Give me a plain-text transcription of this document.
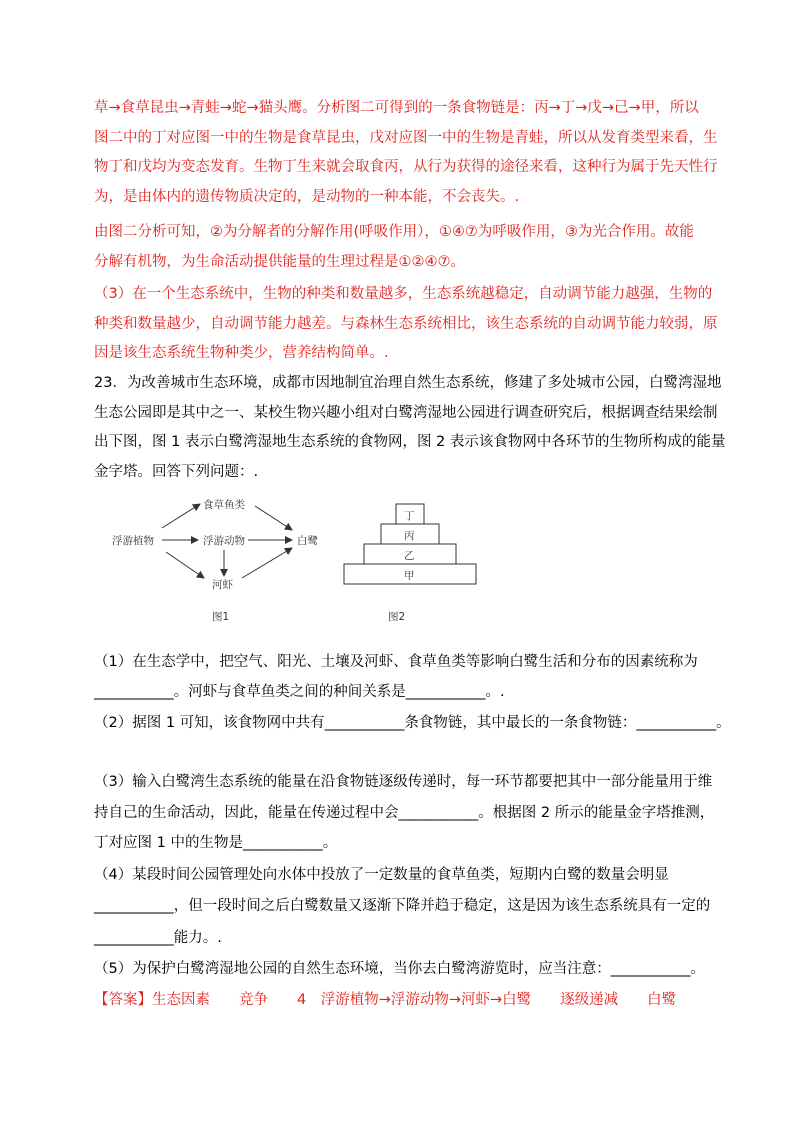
草→食草昆虫→青蛙→蛇→猫头鹰。分析图二可得到的一条食物链是：丙→丁→戊→己→甲，所以
图二中的丁对应图一中的生物是食草昆虫，戊对应图一中的生物是青蛙，所以从发育类型来看，生
物丁和戊均为变态发育。生物丁生来就会取食丙，从行为获得的途径来看，这种行为属于先天性行
为，是由体内的遗传物质决定的，是动物的一种本能，不会丧失。.
由图二分析可知，②为分解者的分解作用(呼吸作用），①④⑦为呼吸作用，③为光合作用。故能
分解有机物，为生命活动提供能量的生理过程是①②④⑦。
（3）在一个生态系统中，生物的种类和数量越多，生态系统越稳定，自动调节能力越强，生物的
种类和数量越少，自动调节能力越差。与森林生态系统相比，该生态系统的自动调节能力较弱，原
因是该生态系统生物种类少，营养结构简单。.
23．为改善城市生态环境，成都市因地制宜治理自然生态系统，修建了多处城市公园，白鹭湾湿地
生态公园即是其中之一、某校生物兴趣小组对白鹭湾湿地公园进行调查研究后，根据调查结果绘制
出下图，图 1 表示白鹭湾湿地生态系统的食物网，图 2 表示该食物网中各环节的生物所构成的能量
金字塔。回答下列问题：.
浮游植物
食草鱼类
浮游动物	白鹭
河虾
图1
丁
丙
乙
甲
图2
（1）在生态学中，把空气、阳光、土壤及河虾、食草鱼类等影响白鹭生活和分布的因素统称为
___________。河虾与食草鱼类之间的种间关系是___________。.
（2）据图 1 可知，该食物网中共有___________条食物链，其中最长的一条食物链：___________。
（3）输入白鹭湾生态系统的能量在沿食物链逐级传递时，每一环节都要把其中一部分能量用于维
持自己的生命活动，因此，能量在传递过程中会___________。根据图 2 所示的能量金字塔推测，
丁对应图 1 中的生物是___________。
（4）某段时间公园管理处向水体中投放了一定数量的食草鱼类，短期内白鹭的数量会明显
___________，但一段时间之后白鹭数量又逐渐下降并趋于稳定，这是因为该生态系统具有一定的
___________能力。.
（5）为保护白鹭湾湿地公园的自然生态环境，当你去白鹭湾游览时，应当注意：___________。
【答案】生态因素　　竞争　　4　浮游植物→浮游动物→河虾→白鹭　　逐级递减　　白鹭
